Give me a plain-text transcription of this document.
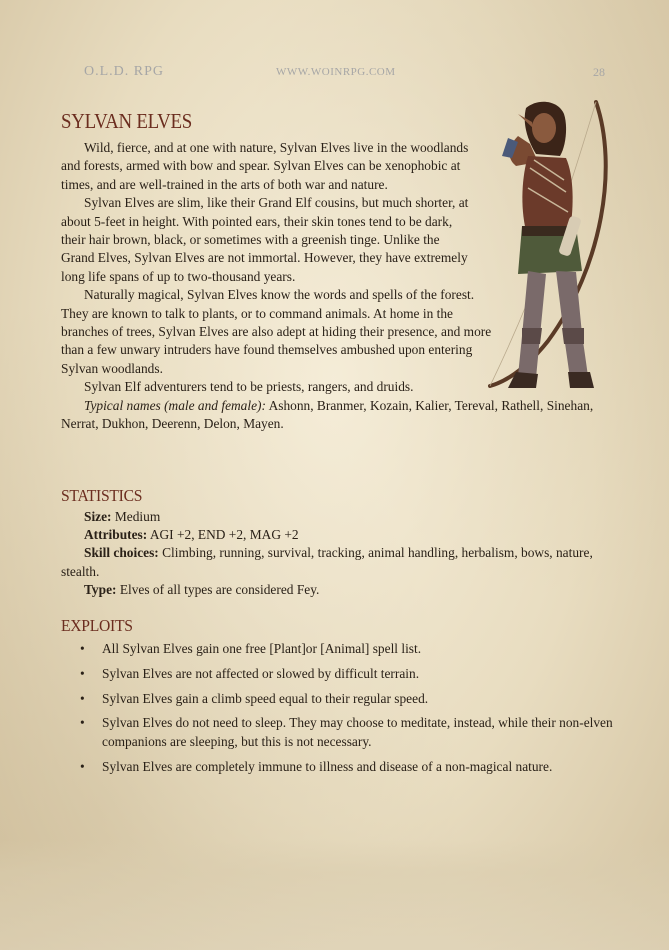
O.L.D. RPG	WWW.WOINRPG.COM	28
SYLVAN ELVES

Wild, fierce, and at one with nature, Sylvan Elves live in the woodlands and forests, armed with bow and spear. Sylvan Elves can be xenophobic at times, and are well-trained in the arts of both war and nature.

Sylvan Elves are slim, like their Grand Elf cousins, but much shorter, at about 5-feet in height. With pointed ears, their skin tones tend to be dark, their hair brown, black, or sometimes with a greenish tinge. Unlike the Grand Elves, Sylvan Elves are not immortal. However, they have extremely long life spans of up to two-thousand years.

Naturally magical, Sylvan Elves know the words and spells of the forest. They are known to talk to plants, or to command animals. At home in the branches of trees, Sylvan Elves are also adept at hiding their presence, and more than a few unwary intruders have found themselves ambushed upon entering Sylvan woodlands.

Sylvan Elf adventurers tend to be priests, rangers, and druids.

Typical names (male and female): Ashonn, Branmer, Kozain, Kalier, Tereval, Rathell, Sinehan, Nerrat, Dukhon, Deerenn, Delon, Mayen.

STATISTICS
Size: Medium
Attributes: AGI +2, END +2, MAG +2
Skill choices: Climbing, running, survival, tracking, animal handling, herbalism, bows, nature, stealth.
Type: Elves of all types are considered Fey.
EXPLOITS
• All Sylvan Elves gain one free [Plant]or [Animal] spell list.
• Sylvan Elves are not affected or slowed by difficult terrain.
• Sylvan Elves gain a climb speed equal to their regular speed.
• Sylvan Elves do not need to sleep. They may choose to meditate, instead, while their non-elven companions are sleeping, but this is not necessary.
• Sylvan Elves are completely immune to illness and disease of a non-magical nature.
